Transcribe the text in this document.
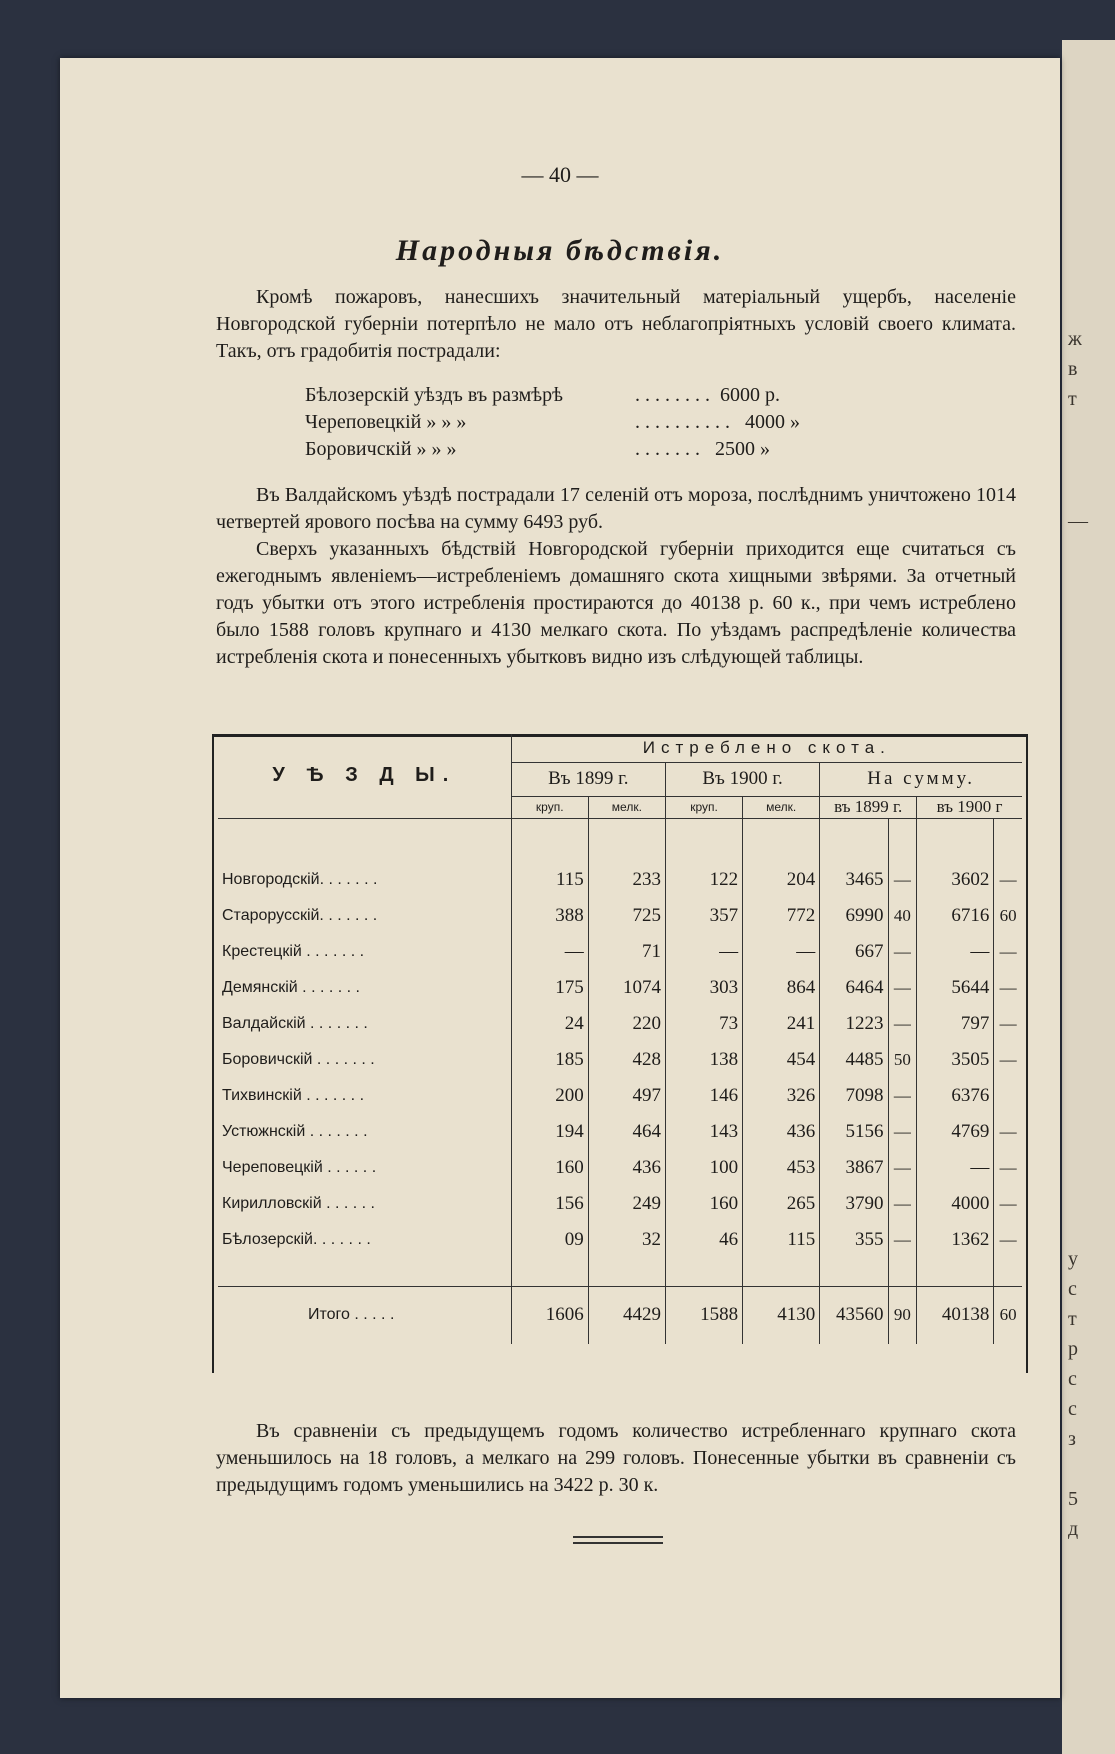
ж
в
т
—
у
с
т
р
с
с
з
5
д
— 40 —
Народныя бѣдствія.
Кромѣ пожаровъ, нанесшихъ значительный матеріальный ущербъ, населеніе Новгородской губерніи потерпѣло не мало отъ неблагопріятныхъ условій своего климата. Такъ, отъ градобитія пострадали:
Бѣлозерскій уѣздъ въ размѣрѣ	. . . . . . . . 6000 р.
Череповецкій » » »	. . . . . . . . . . 4000 »
Боровичскій » » »	. . . . . . . 2500 »
Въ Валдайскомъ уѣздѣ пострадали 17 селеній отъ мороза, послѣднимъ уничтожено 1014 четвертей ярового посѣва на сумму 6493 руб.
Сверхъ указанныхъ бѣдствій Новгородской губерніи приходится еще считаться съ ежегоднымъ явленіемъ—истребленіемъ домашняго скота хищными звѣрями. За отчетный годъ убытки отъ этого истребленія простираются до 40138 р. 60 к., при чемъ истреблено было 1588 головъ крупнаго и 4130 мелкаго скота. По уѣздамъ распредѣленіе количества истребленія скота и понесенныхъ убытковъ видно изъ слѣдующей таблицы.
У Ѣ З Д Ы.	Истреблено скота.							
	Въ 1899 г.		Въ 1900 г.		На сумму.			
	круп.	мелк.	круп.	мелк.	въ 1899 г.		въ 1900 г	

Новгородскій. . . . . . .	115	233	122	204	3465	—	3602	—
Старорусскій. . . . . . .	388	725	357	772	6990	40	6716	60
Крестецкій . . . . . . .	—	71	—	—	667	—	—	—
Демянскій . . . . . . .	175	1074	303	864	6464	—	5644	—
Валдайскій . . . . . . .	24	220	73	241	1223	—	797	—
Боровичскій . . . . . . .	185	428	138	454	4485	50	3505	—
Тихвинскій . . . . . . .	200	497	146	326	7098	—	6376	
Устюжнскій . . . . . . .	194	464	143	436	5156	—	4769	—
Череповецкій . . . . . .	160	436	100	453	3867	—	—	—
Кирилловскій . . . . . .	156	249	160	265	3790	—	4000	—
Бѣлозерскій. . . . . . .	09	32	46	115	355	—	1362	—

Итого . . . . .	1606	4429	1588	4130	43560	90	40138	60
Въ сравненіи съ предыдущемъ годомъ количество истребленнаго крупнаго скота уменьшилось на 18 головъ, а мелкаго на 299 головъ. Понесенные убытки въ сравненіи съ предыдущимъ годомъ уменьшились на 3422 р. 30 к.
